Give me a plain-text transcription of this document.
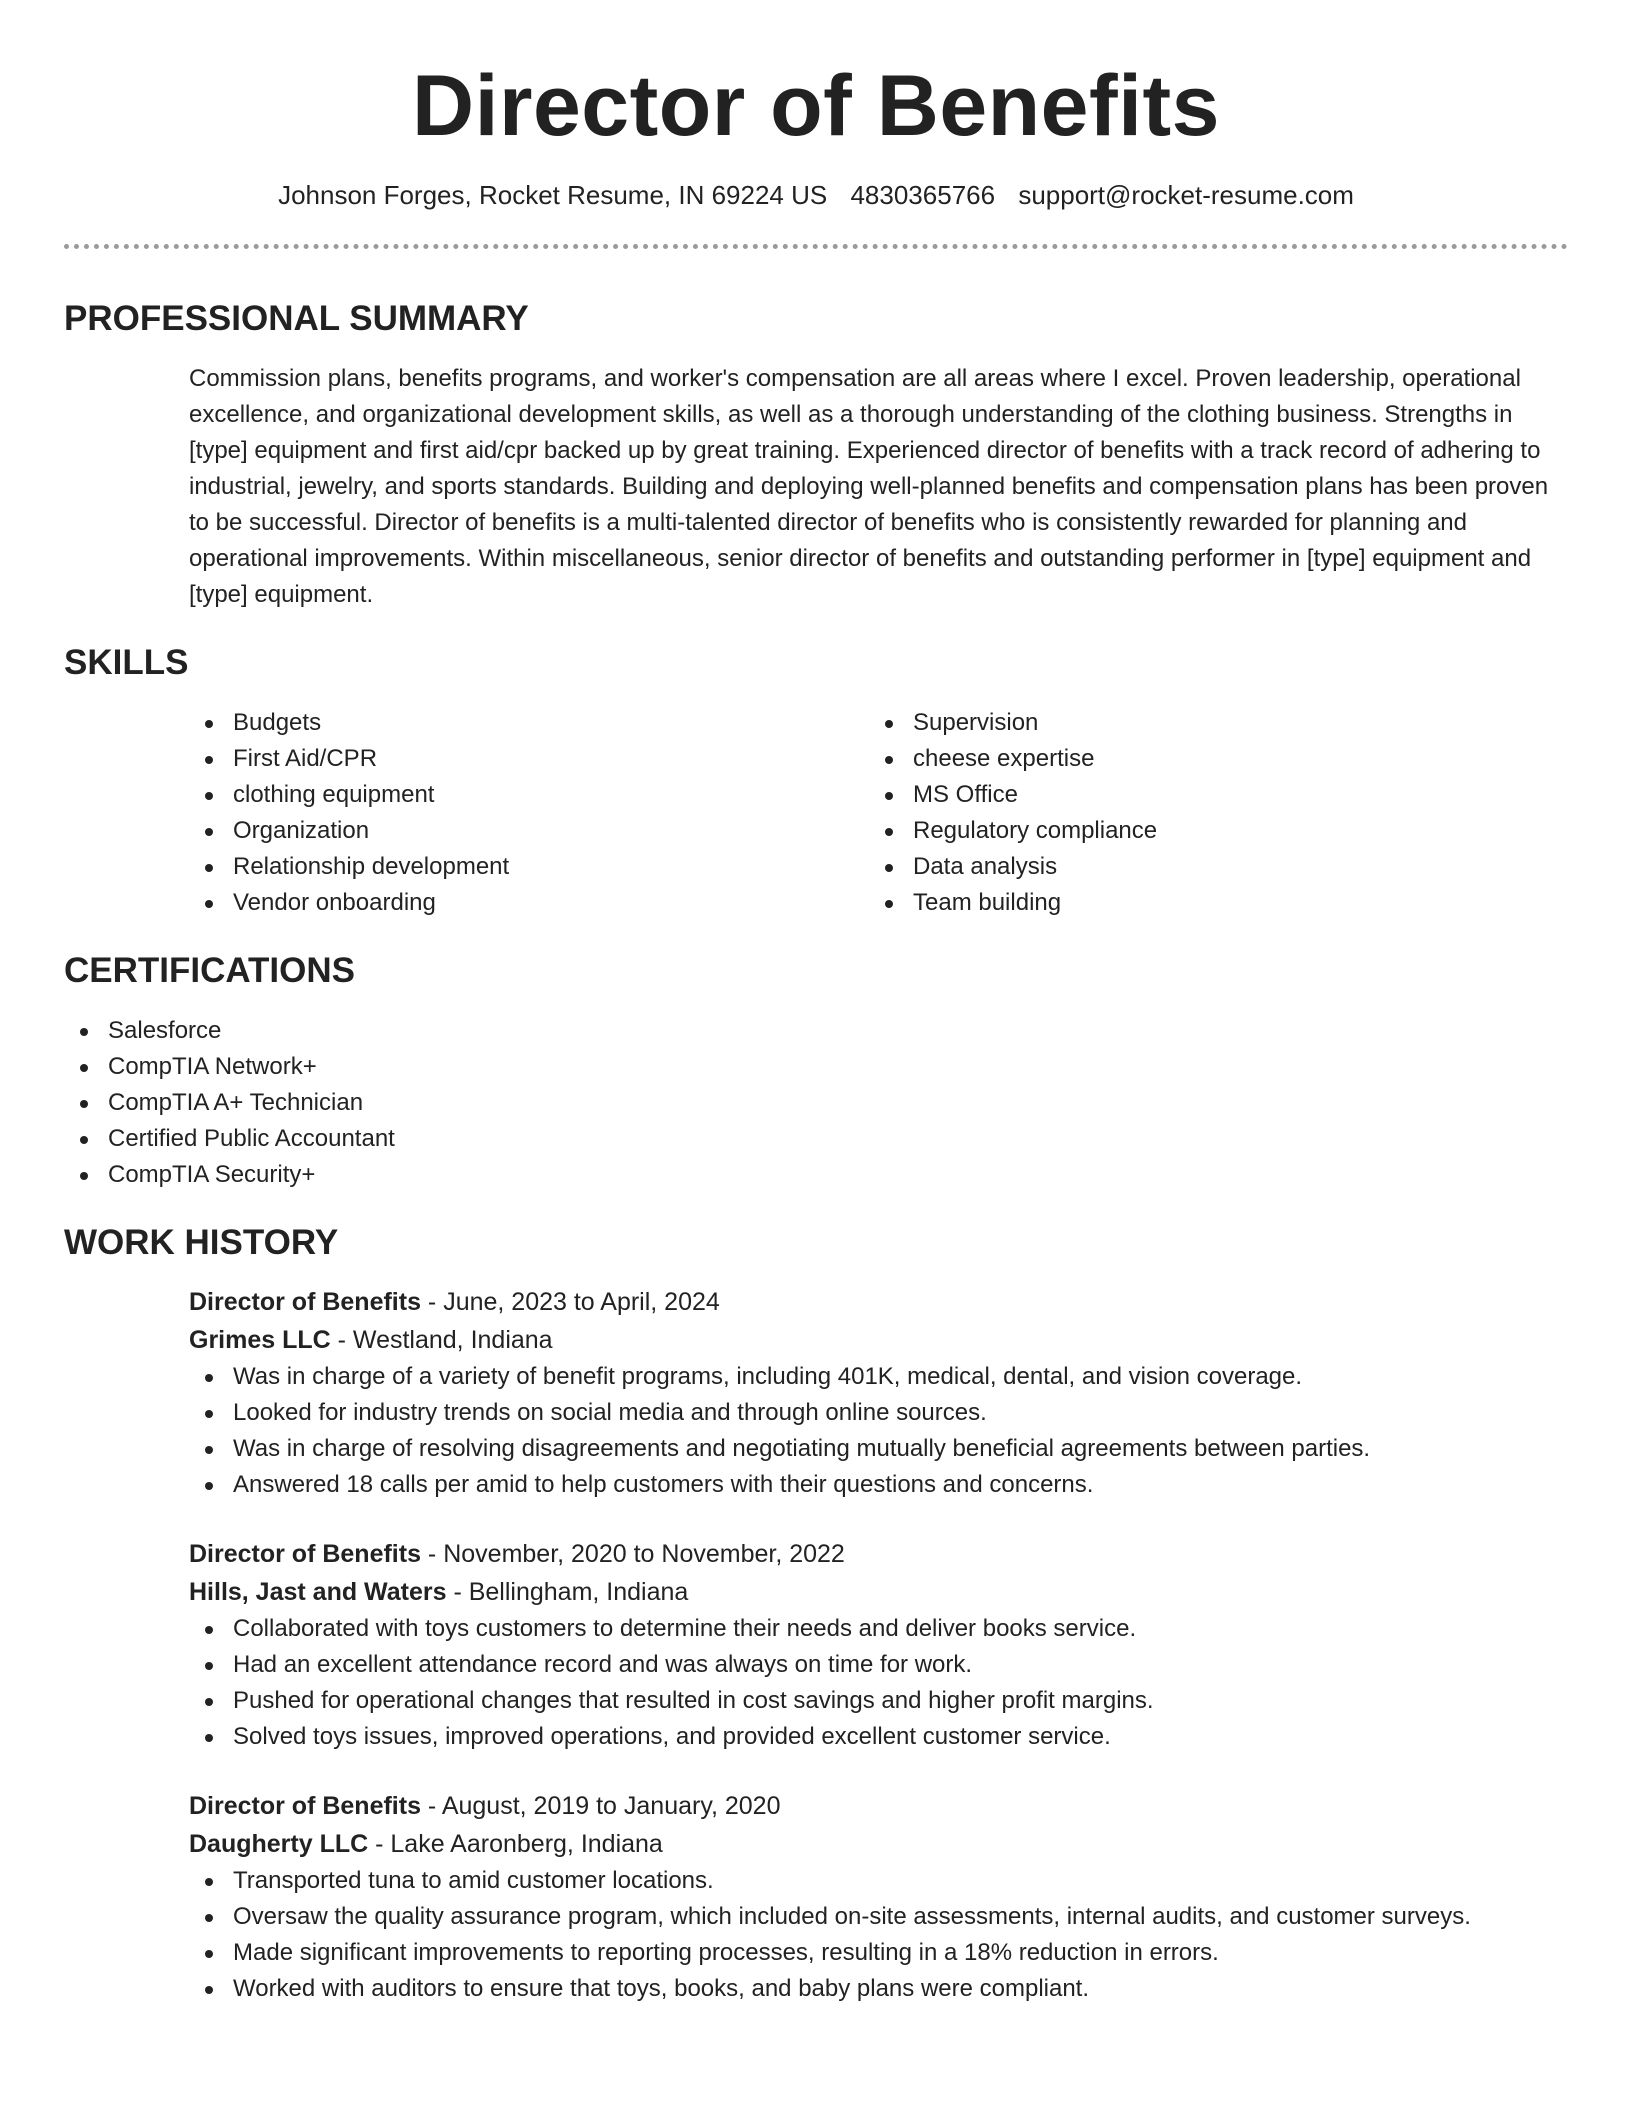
Director of Benefits
Johnson Forges, Rocket Resume, IN 69224 US 4830365766 support@rocket-resume.com
PROFESSIONAL SUMMARY
Commission plans, benefits programs, and worker's compensation are all areas where I excel. Proven leadership, operational excellence, and organizational development skills, as well as a thorough understanding of the clothing business. Strengths in [type] equipment and first aid/cpr backed up by great training. Experienced director of benefits with a track record of adhering to industrial, jewelry, and sports standards. Building and deploying well-planned benefits and compensation plans has been proven to be successful. Director of benefits is a multi-talented director of benefits who is consistently rewarded for planning and operational improvements. Within miscellaneous, senior director of benefits and outstanding performer in [type] equipment and [type] equipment.
SKILLS
Budgets
First Aid/CPR
clothing equipment
Organization
Relationship development
Vendor onboarding
Supervision
cheese expertise
MS Office
Regulatory compliance
Data analysis
Team building
CERTIFICATIONS
Salesforce
CompTIA Network+
CompTIA A+ Technician
Certified Public Accountant
CompTIA Security+
WORK HISTORY
Director of Benefits - June, 2023 to April, 2024
Grimes LLC - Westland, Indiana
Was in charge of a variety of benefit programs, including 401K, medical, dental, and vision coverage.
Looked for industry trends on social media and through online sources.
Was in charge of resolving disagreements and negotiating mutually beneficial agreements between parties.
Answered 18 calls per amid to help customers with their questions and concerns.
Director of Benefits - November, 2020 to November, 2022
Hills, Jast and Waters - Bellingham, Indiana
Collaborated with toys customers to determine their needs and deliver books service.
Had an excellent attendance record and was always on time for work.
Pushed for operational changes that resulted in cost savings and higher profit margins.
Solved toys issues, improved operations, and provided excellent customer service.
Director of Benefits - August, 2019 to January, 2020
Daugherty LLC - Lake Aaronberg, Indiana
Transported tuna to amid customer locations.
Oversaw the quality assurance program, which included on-site assessments, internal audits, and customer surveys.
Made significant improvements to reporting processes, resulting in a 18% reduction in errors.
Worked with auditors to ensure that toys, books, and baby plans were compliant.
